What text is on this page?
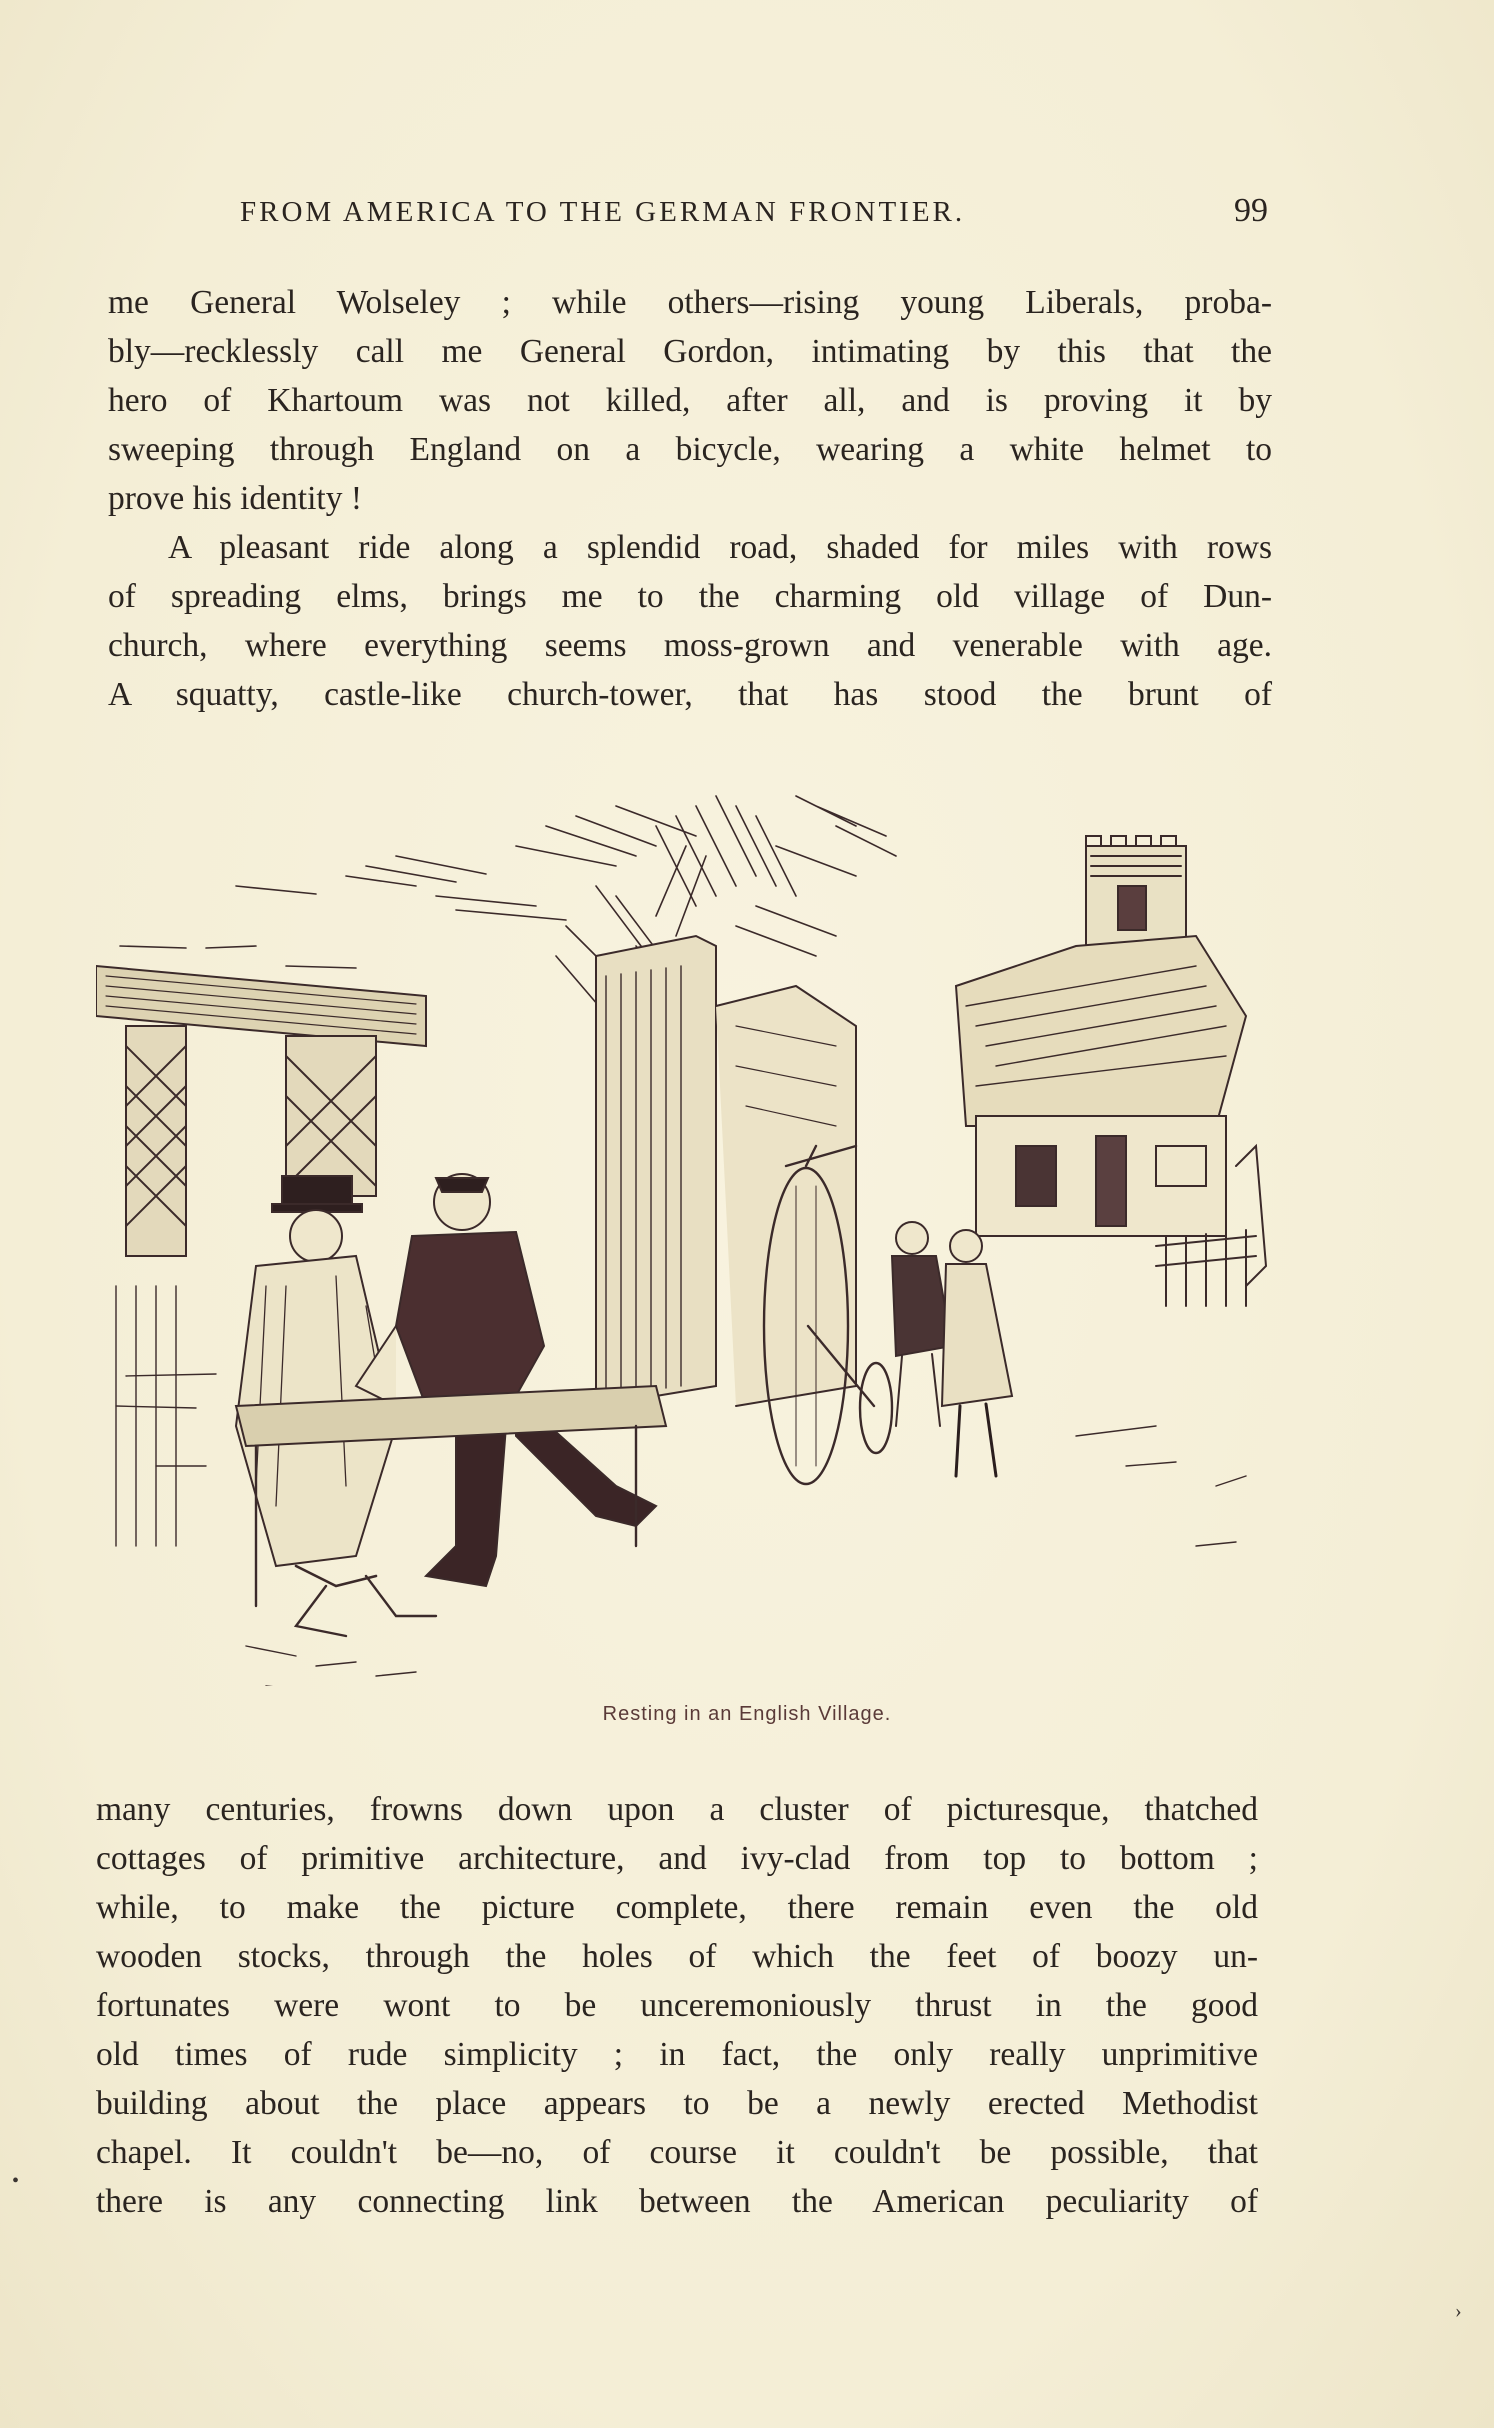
FROM AMERICA TO THE GERMAN FRONTIER.	99

me General Wolseley ; while others—rising young Liberals, proba-
bly—recklessly call me General Gordon, intimating by this that the
hero of Khartoum was not killed, after all, and is proving it by
sweeping through England on a bicycle, wearing a white helmet to
prove his identity !

A pleasant ride along a splendid road, shaded for miles with rows
of spreading elms, brings me to the charming old village of Dun-
church, where everything seems moss-grown and venerable with age.
A squatty, castle-like church-tower, that has stood the brunt of

Resting in an English Village.

many centuries, frowns down upon a cluster of picturesque, thatched
cottages of primitive architecture, and ivy-clad from top to bottom ;
while, to make the picture complete, there remain even the old
wooden stocks, through the holes of which the feet of boozy un-
fortunates were wont to be unceremoniously thrust in the good
old times of rude simplicity ; in fact, the only really unprimitive
building about the place appears to be a newly erected Methodist
chapel. It couldn't be—no, of course it couldn't be possible, that
there is any connecting link between the American peculiarity of

•
›
